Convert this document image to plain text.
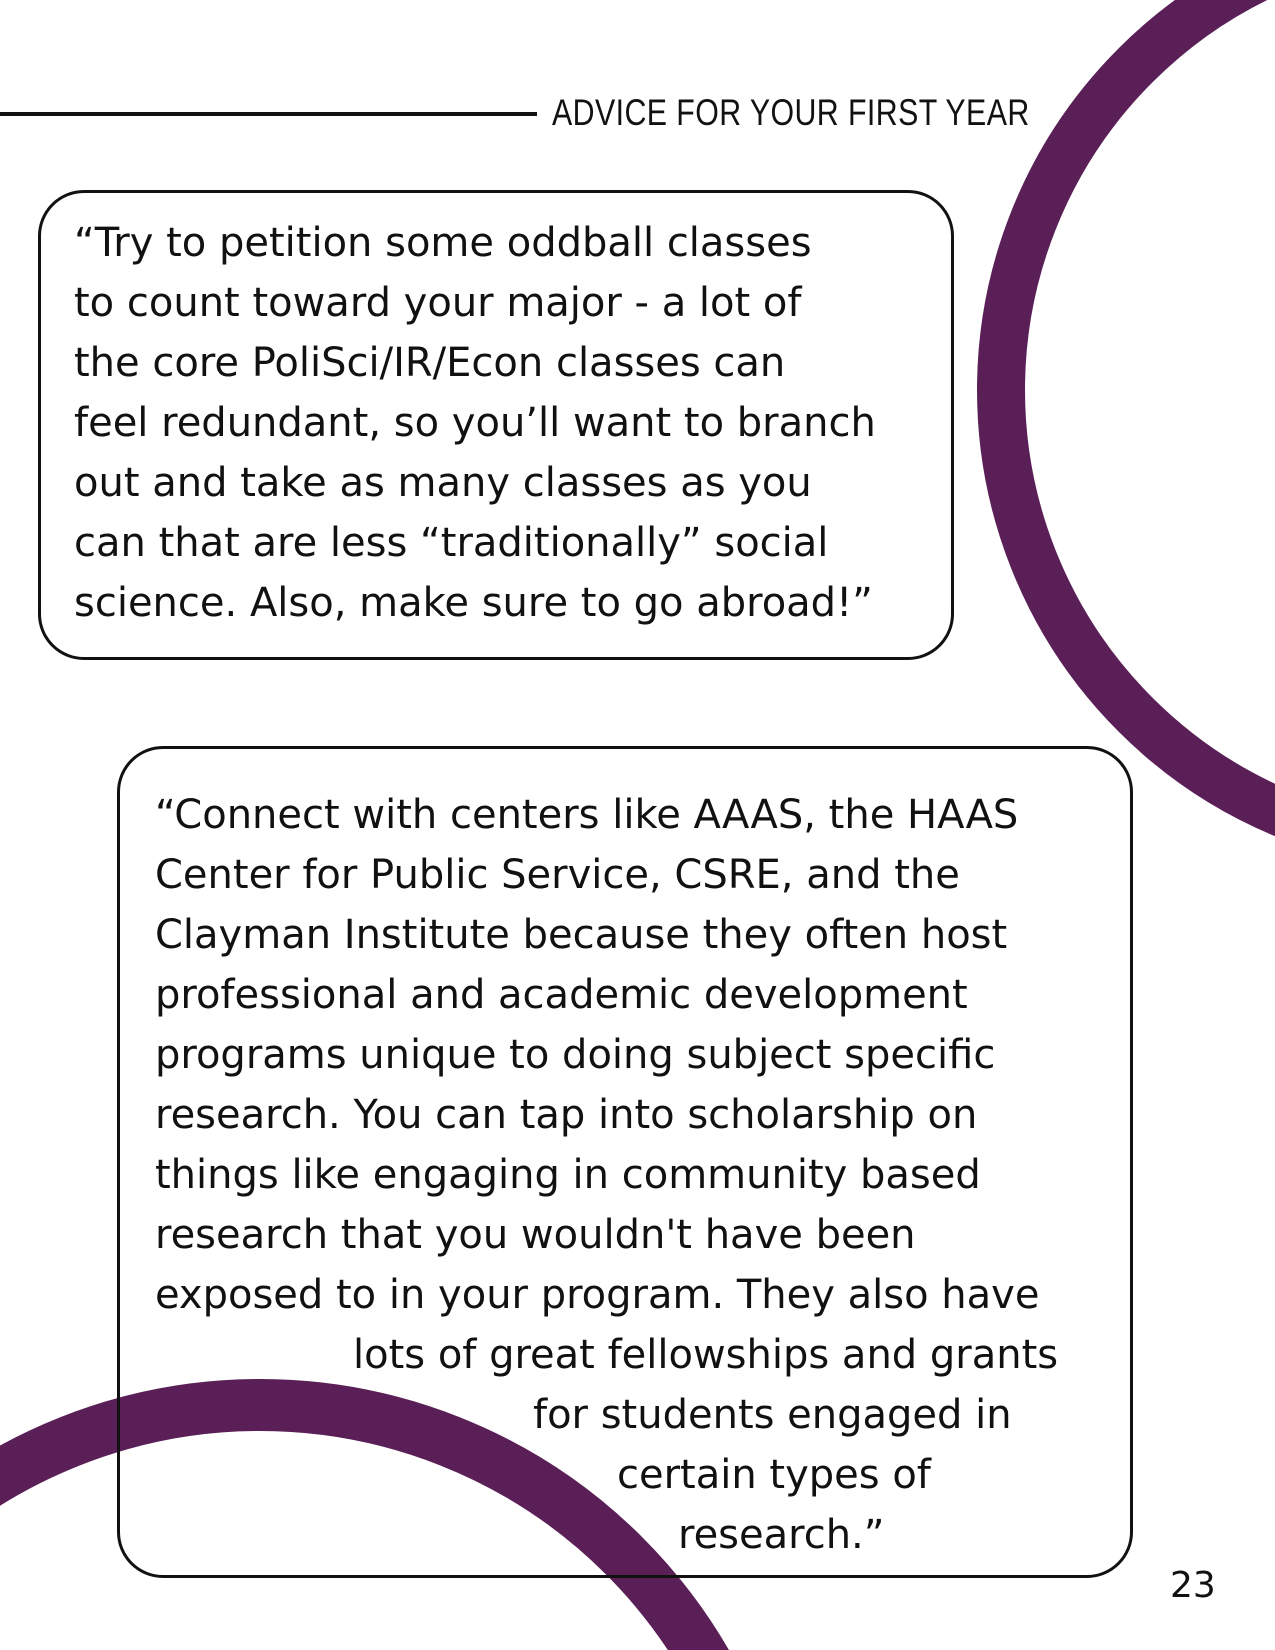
ADVICE FOR YOUR FIRST YEAR
“Try to petition some oddball classes
to count toward your major - a lot of
the core PoliSci/IR/Econ classes can
feel redundant, so you’ll want to branch
out and take as many classes as you
can that are less “traditionally” social
science. Also, make sure to go abroad!”
“Connect with centers like AAAS, the HAAS
Center for Public Service, CSRE, and the
Clayman Institute because they often host
professional and academic development
programs unique to doing subject specific
research. You can tap into scholarship on
things like engaging in community based
research that you wouldn't have been
exposed to in your program. They also have
lots of great fellowships and grants
for students engaged in
certain types of
research.”
23
